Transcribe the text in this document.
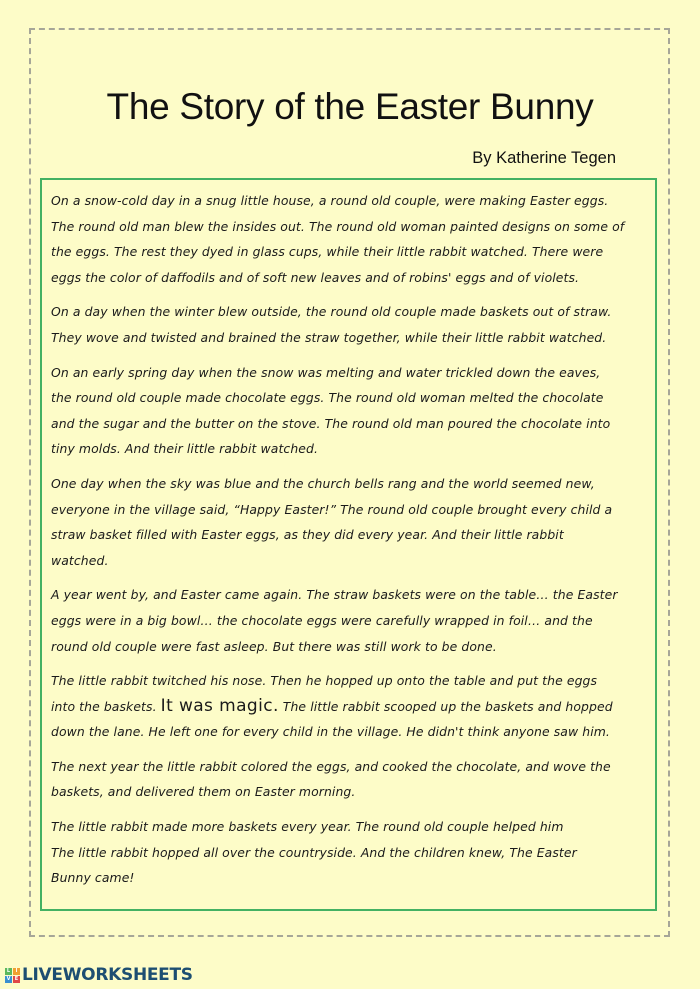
The Story of the Easter Bunny
By Katherine Tegen

On a snow-cold day in a snug little house, a round old couple, were making Easter eggs.
The round old man blew the insides out. The round old woman painted designs on some of
the eggs. The rest they dyed in glass cups, while their little rabbit watched. There were
eggs the color of daffodils and of soft new leaves and of robins' eggs and of violets.

On a day when the winter blew outside, the round old couple made baskets out of straw.
They wove and twisted and brained the straw together, while their little rabbit watched.

On an early spring day when the snow was melting and water trickled down the eaves,
the round old couple made chocolate eggs. The round old woman melted the chocolate
and the sugar and the butter on the stove. The round old man poured the chocolate into
tiny molds. And their little rabbit watched.

One day when the sky was blue and the church bells rang and the world seemed new,
everyone in the village said, “Happy Easter!” The round old couple brought every child a
straw basket filled with Easter eggs, as they did every year. And their little rabbit
watched.

A year went by, and Easter came again. The straw baskets were on the table… the Easter
eggs were in a big bowl… the chocolate eggs were carefully wrapped in foil… and the
round old couple were fast asleep. But there was still work to be done.

The little rabbit twitched his nose. Then he hopped up onto the table and put the eggs
into the baskets. It was magic. The little rabbit scooped up the baskets and hopped
down the lane. He left one for every child in the village. He didn't think anyone saw him.

The next year the little rabbit colored the eggs, and cooked the chocolate, and wove the
baskets, and delivered them on Easter morning.

The little rabbit made more baskets every year. The round old couple helped him
The little rabbit hopped all over the countryside. And the children knew, The Easter
Bunny came!

L	I
V E LIVEWORKSHEETS
